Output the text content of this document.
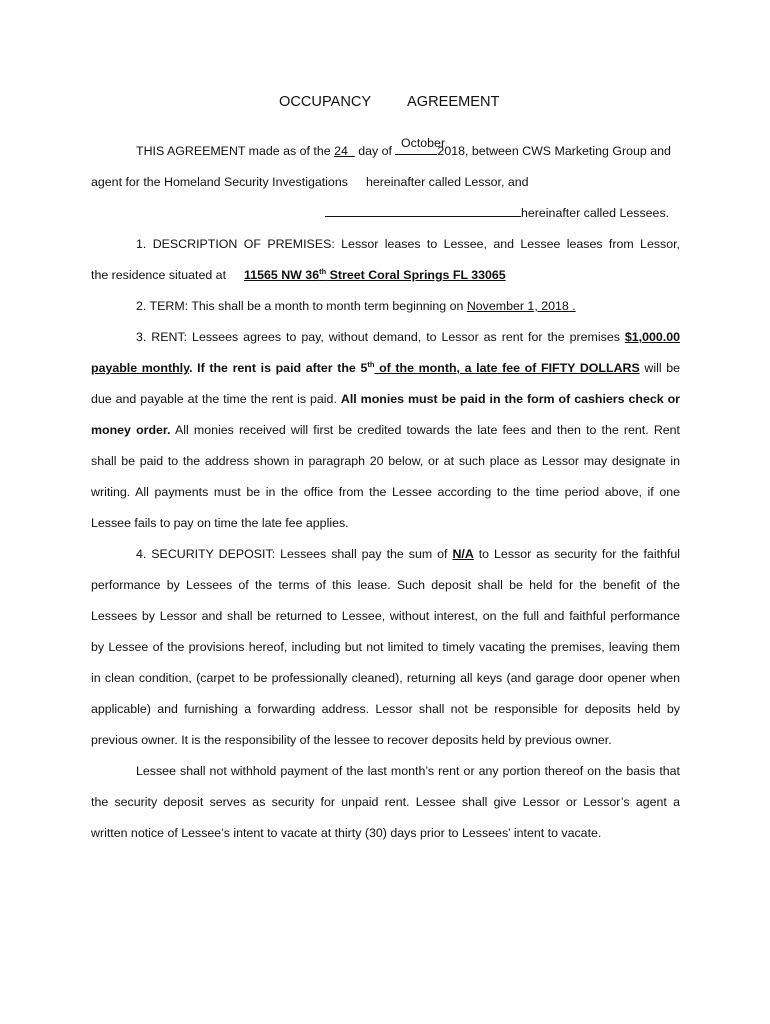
OCCUPANCY AGREEMENT
THIS AGREEMENT made as of the 24   day of	2018, between CWS Marketing Group and
October
agent for the Homeland Security Investigations hereinafter called Lessor, and
hereinafter called Lessees.
1. DESCRIPTION OF PREMISES: Lessor leases to Lessee, and Lessee leases from Lessor,
the residence situated at 11565 NW 36th Street Coral Springs FL 33065
2. TERM: This shall be a month to month term beginning on November 1, 2018 .
3. RENT: Lessees agrees to pay, without demand, to Lessor as rent for the premises $1,000.00
payable monthly. If the rent is paid after the 5th of the month, a late fee of FIFTY DOLLARS will be
due and payable at the time the rent is paid. All monies must be paid in the form of cashiers check or
money order. All monies received will first be credited towards the late fees and then to the rent. Rent
shall be paid to the address shown in paragraph 20 below, or at such place as Lessor may designate in
writing. All payments must be in the office from the Lessee according to the time period above, if one
Lessee fails to pay on time the late fee applies.
4. SECURITY DEPOSIT: Lessees shall pay the sum of N/A to Lessor as security for the faithful
performance by Lessees of the terms of this lease. Such deposit shall be held for the benefit of the
Lessees by Lessor and shall be returned to Lessee, without interest, on the full and faithful performance
by Lessee of the provisions hereof, including but not limited to timely vacating the premises, leaving them
in clean condition, (carpet to be professionally cleaned), returning all keys (and garage door opener when
applicable) and furnishing a forwarding address. Lessor shall not be responsible for deposits held by
previous owner. It is the responsibility of the lessee to recover deposits held by previous owner.
Lessee shall not withhold payment of the last month’s rent or any portion thereof on the basis that
the security deposit serves as security for unpaid rent. Lessee shall give Lessor or Lessor’s agent a
written notice of Lessee’s intent to vacate at thirty (30) days prior to Lessees’ intent to vacate.
